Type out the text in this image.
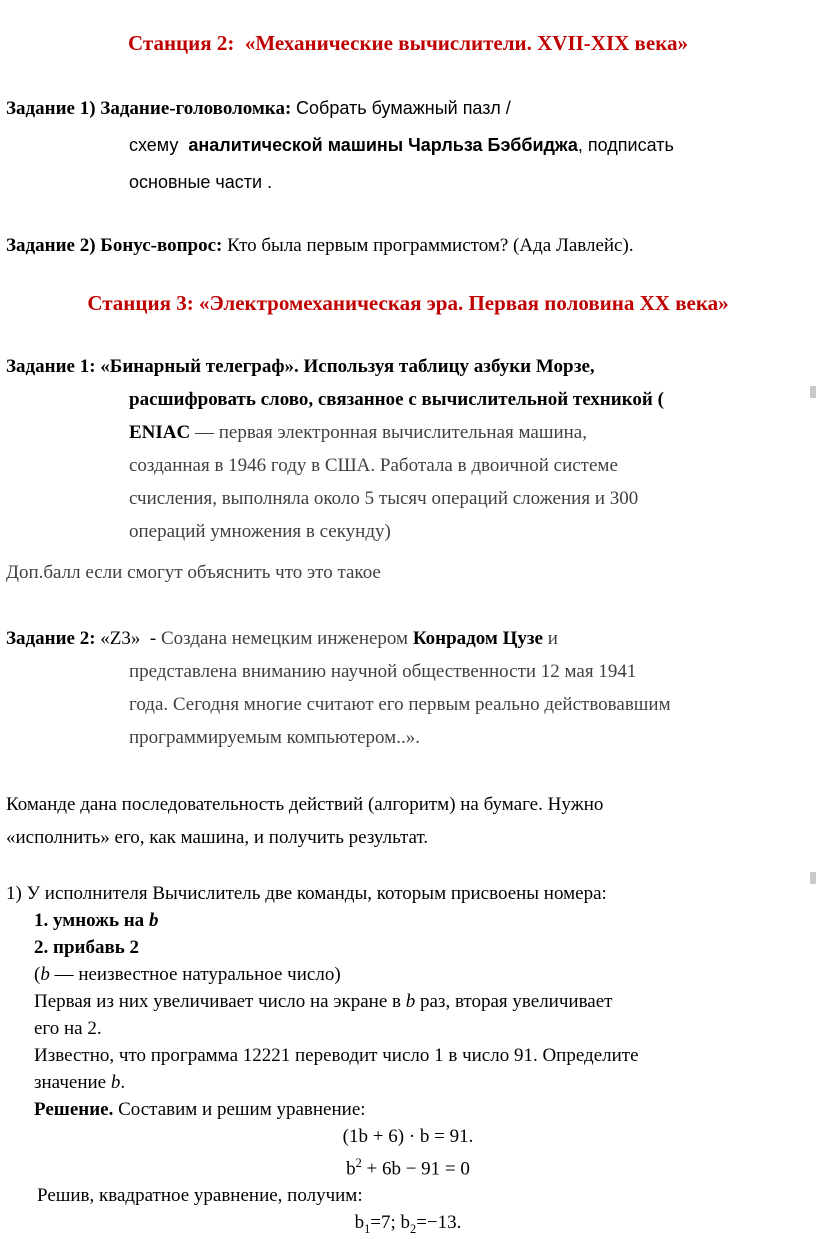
Станция 2:  «Механические вычислители. XVII-XIX века»

Задание 1) Задание-головоломка: Собрать бумажный пазл /
схему  аналитической машины Чарльза Бэббиджа, подписать
основные части .

Задание 2) Бонус-вопрос: Кто была первым программистом? (Ада Лавлейс).

Станция 3: «Электромеханическая эра. Первая половина ХХ века»

Задание 1: «Бинарный телеграф». Используя таблицу азбуки Морзе,
расшифровать слово, связанное с вычислительной техникой (
ENIAC — первая электронная вычислительная машина,
созданная в 1946 году в США. Работала в двоичной системе
счисления, выполняла около 5 тысяч операций сложения и 300
операций умножения в секунду)

Доп.балл если смогут объяснить что это такое

Задание 2: «Z3»  - Создана немецким инженером Конрадом Цузе и
представлена вниманию научной общественности 12 мая 1941
года. Сегодня многие считают его первым реально действовавшим
программируемым компьютером..».

Команде дана последовательность действий (алгоритм) на бумаге. Нужно
«исполнить» его, как машина, и получить результат.

1) У исполнителя Вычислитель две команды, которым присвоены номера:

1. умножь на b

2. прибавь 2

(b — неизвестное натуральное число)

Первая из них увеличивает число на экране в b раз, вторая увеличивает
его на 2.

Известно, что программа 12221 переводит число 1 в число 91. Определите
значение b.

Решение. Составим и решим уравнение:

(1b + 6) · b = 91.

$b^2 + 6b - 91 = 0$

Решив, квадратное уравнение, получим:

$b_1=7$; $b_2=-13$.
